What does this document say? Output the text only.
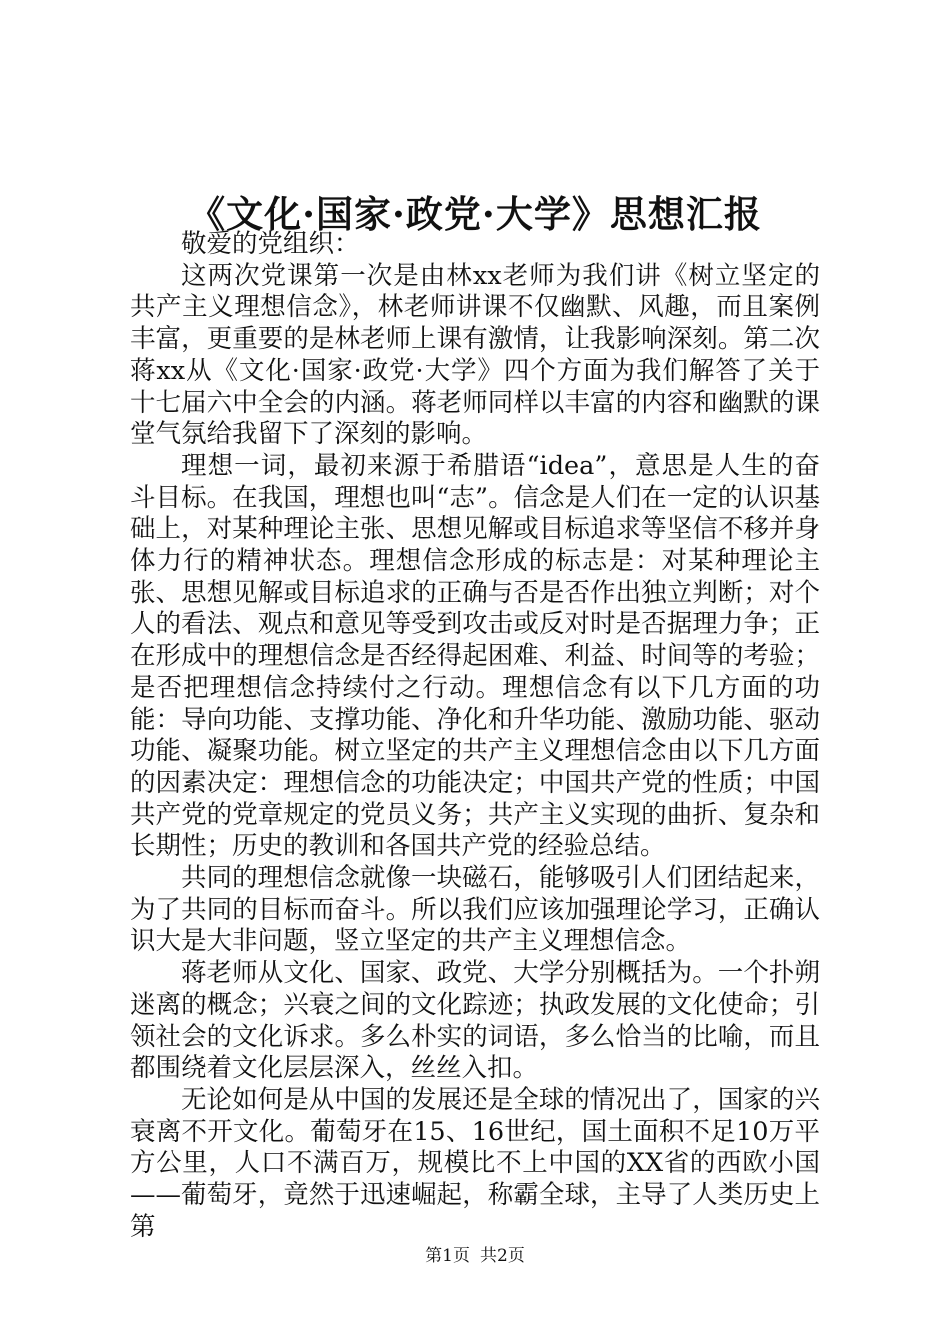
《文化·国家·政党·大学》思想汇报

敬爱的党组织：

这两次党课第一次是由林xx老师为我们讲《树立坚定的共产主义理想信念》，林老师讲课不仅幽默、风趣，而且案例丰富，更重要的是林老师上课有激情，让我影响深刻。第二次蒋xx从《文化·国家·政党·大学》四个方面为我们解答了关于十七届六中全会的内涵。蒋老师同样以丰富的内容和幽默的课堂气氛给我留下了深刻的影响。

理想一词，最初来源于希腊语“idea”，意思是人生的奋斗目标。在我国，理想也叫“志”。信念是人们在一定的认识基础上，对某种理论主张、思想见解或目标追求等坚信不移并身体力行的精神状态。理想信念形成的标志是：对某种理论主张、思想见解或目标追求的正确与否是否作出独立判断；对个人的看法、观点和意见等受到攻击或反对时是否据理力争；正在形成中的理想信念是否经得起困难、利益、时间等的考验；是否把理想信念持续付之行动。理想信念有以下几方面的功能：导向功能、支撑功能、净化和升华功能、激励功能、驱动功能、凝聚功能。树立坚定的共产主义理想信念由以下几方面的因素决定：理想信念的功能决定；中国共产党的性质；中国共产党的党章规定的党员义务；共产主义实现的曲折、复杂和长期性；历史的教训和各国共产党的经验总结。

共同的理想信念就像一块磁石，能够吸引人们团结起来，为了共同的目标而奋斗。所以我们应该加强理论学习，正确认识大是大非问题，竖立坚定的共产主义理想信念。

蒋老师从文化、国家、政党、大学分别概括为。一个扑朔迷离的概念；兴衰之间的文化踪迹；执政发展的文化使命；引领社会的文化诉求。多么朴实的词语，多么恰当的比喻，而且都围绕着文化层层深入，丝丝入扣。

无论如何是从中国的发展还是全球的情况出了，国家的兴衰离不开文化。葡萄牙在15、16世纪，国土面积不足10万平方公里，人口不满百万，规模比不上中国的XX省的西欧小国——葡萄牙，竟然于迅速崛起，称霸全球，主导了人类历史上第

第1页 共2页
